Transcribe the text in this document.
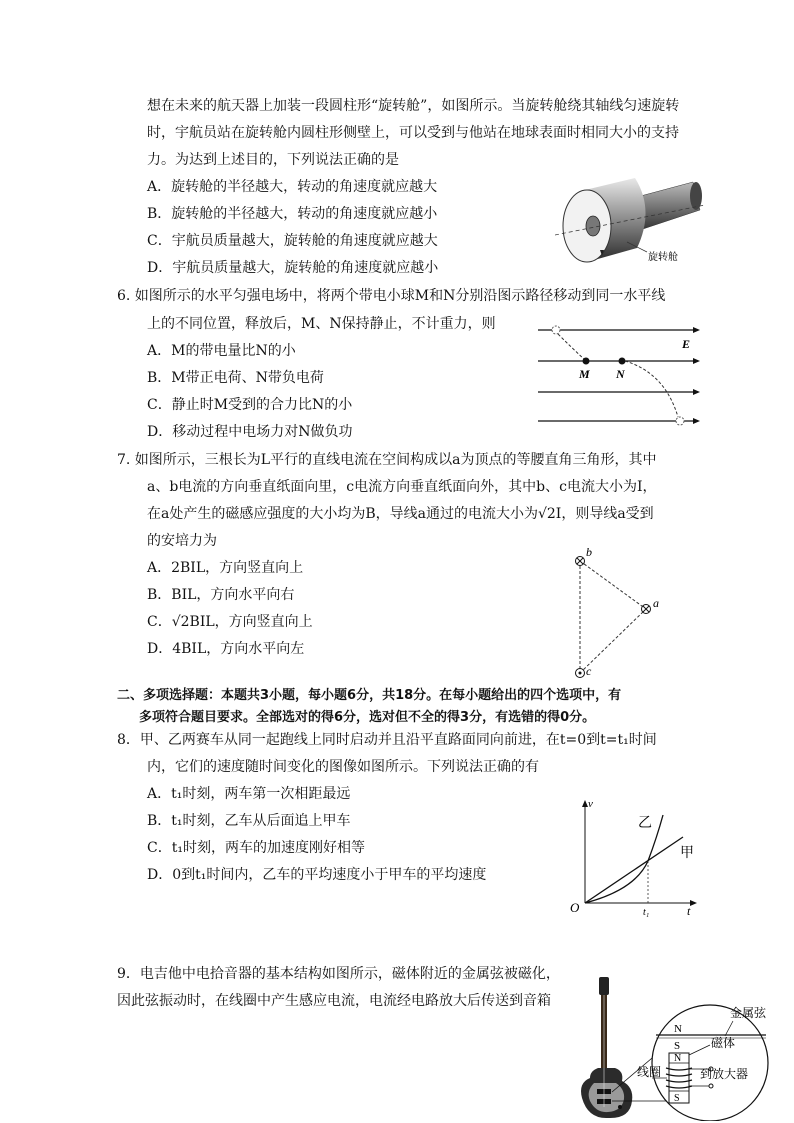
想在未来的航天器上加装一段圆柱形“旋转舱”，如图所示。当旋转舱绕其轴线匀速旋转
时，宇航员站在旋转舱内圆柱形侧壁上，可以受到与他站在地球表面时相同大小的支持
力。为达到上述目的，下列说法正确的是
A．旋转舱的半径越大，转动的角速度就应越大
B．旋转舱的半径越大，转动的角速度就应越小
C．宇航员质量越大，旋转舱的角速度就应越大
D．宇航员质量越大，旋转舱的角速度就应越小
旋转舱
6. 如图所示的水平匀强电场中，将两个带电小球M和N分别沿图示路径移动到同一水平线
上的不同位置，释放后，M、N保持静止，不计重力，则
A．M的带电量比N的小
B．M带正电荷、N带负电荷
C．静止时M受到的合力比N的小
D．移动过程中电场力对N做负功
E
M N
7. 如图所示，三根长为L平行的直线电流在空间构成以a为顶点的等腰直角三角形，其中
a、b电流的方向垂直纸面向里，c电流方向垂直纸面向外，其中b、c电流大小为I，
在a处产生的磁感应强度的大小均为B，导线a通过的电流大小为√2I，则导线a受到
的安培力为
A．2BIL，方向竖直向上
B．BIL，方向水平向右
C．√2BIL，方向竖直向上
D．4BIL，方向水平向左
b
a
c
二、多项选择题：本题共3小题，每小题6分，共18分。在每小题给出的四个选项中，有
多项符合题目要求。全部选对的得6分，选对但不全的得3分，有选错的得0分。
8．甲、乙两赛车从同一起跑线上同时启动并且沿平直路面同向前进，在t=0到t=t₁时间
内，它们的速度随时间变化的图像如图所示。下列说法正确的有
A．t₁时刻，两车第一次相距最远
B．t₁时刻，乙车从后面追上甲车
C．t₁时刻，两车的加速度刚好相等
D．0到t₁时间内，乙车的平均速度小于甲车的平均速度
v
t
O	t₁
乙
甲
9．电吉他中电拾音器的基本结构如图所示，磁体附近的金属弦被磁化，
因此弦振动时，在线圈中产生感应电流，电流经电路放大后传送到音箱
金属弦
N
S
N
S
磁体
到放大器
线圈
